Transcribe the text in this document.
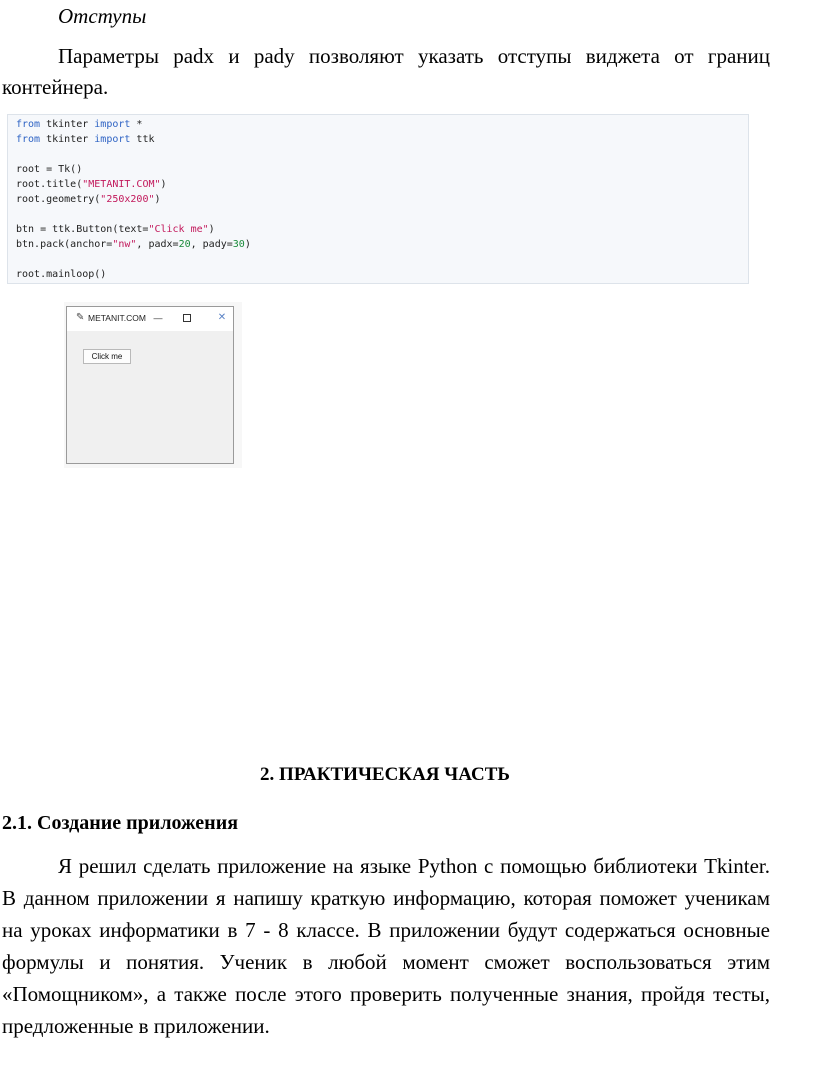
Отступы

Параметры padx и pady позволяют указать отступы виджета от границ контейнера.

from tkinter import *
from tkinter import ttk
root = Tk()
root.title("METANIT.COM")
root.geometry("250x200")
btn = ttk.Button(text="Click me")
btn.pack(anchor="nw", padx=20, pady=30)
root.mainloop()
✎ METANIT.COM —	✕
Click me
2. ПРАКТИЧЕСКАЯ ЧАСТЬ
2.1. Создание приложения

Я решил сделать приложение на языке Python с помощью библиотеки Tkinter. В данном приложении я напишу краткую информацию, которая поможет ученикам на уроках информатики в 7 - 8 классе. В приложении будут содержаться основные формулы и понятия. Ученик в любой момент сможет воспользоваться этим «Помощником», а также после этого проверить полученные знания, пройдя тесты, предложенные в приложении.
